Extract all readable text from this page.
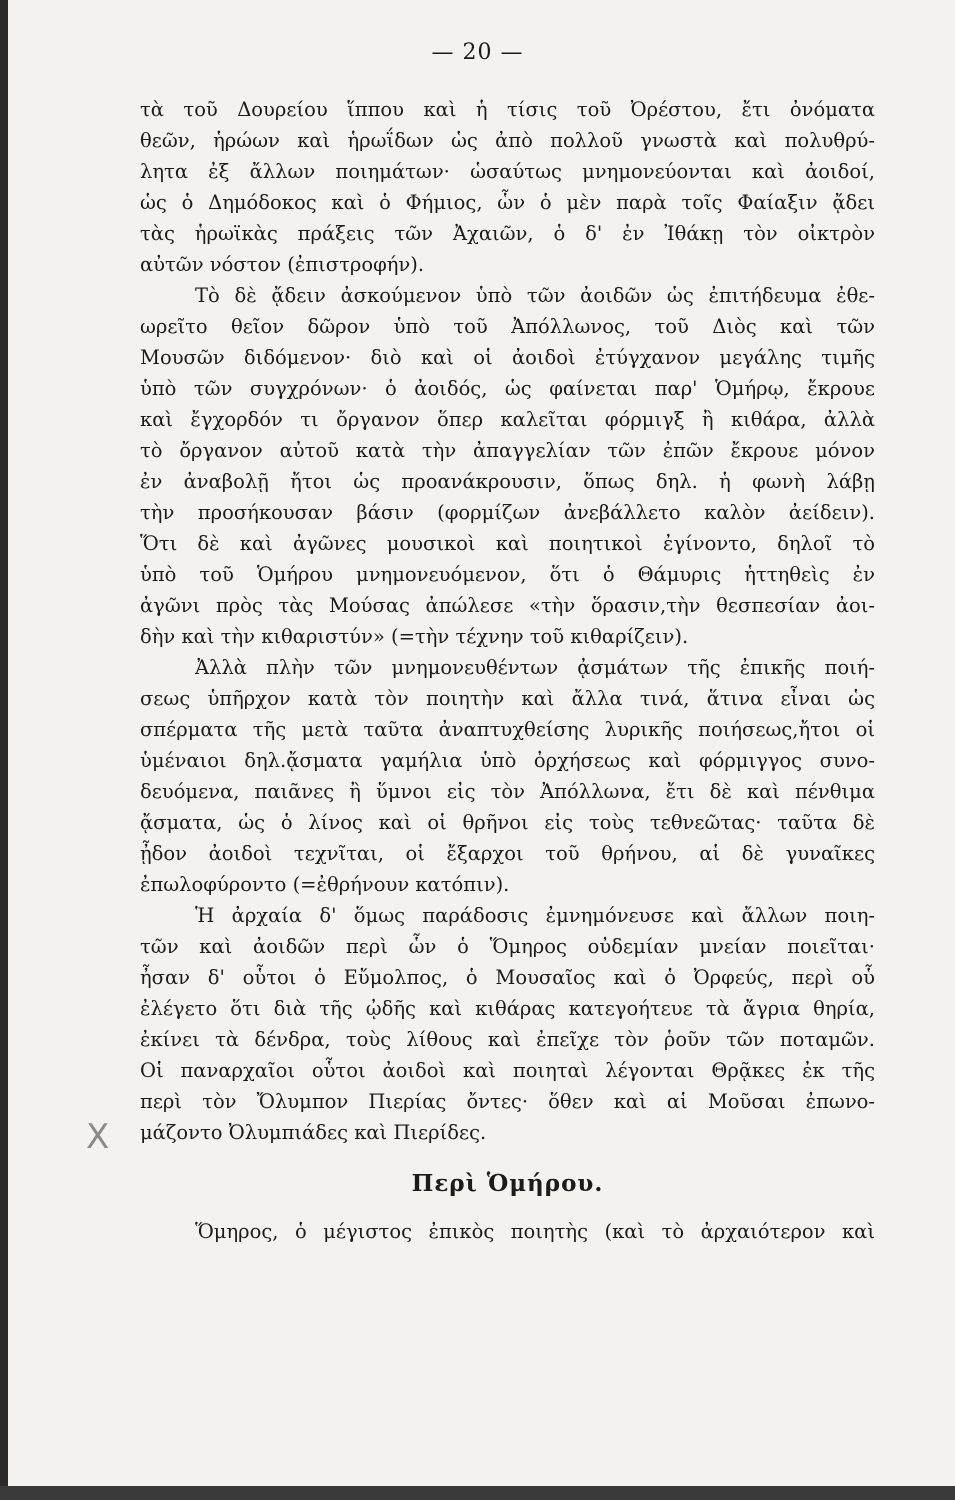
— 20 —
X
τὰ τοῦ Δουρείου ἵππου καὶ ἡ τίσις τοῦ Ὀρέστου, ἔτι ὀνόματα
θεῶν, ἡρώων καὶ ἡρωΐδων ὡς ἀπὸ πολλοῦ γνωστὰ καὶ πολυθρύ-
λητα ἐξ ἄλλων ποιημάτων· ὡσαύτως μνημονεύονται καὶ ἀοιδοί,
ὡς ὁ Δημόδοκος καὶ ὁ Φήμιος, ὧν ὁ μὲν παρὰ τοῖς Φαίαξιν ᾄδει
τὰς ἡρωϊκὰς πράξεις τῶν Ἀχαιῶν, ὁ δ' ἐν Ἰθάκῃ τὸν οἰκτρὸν
αὐτῶν νόστον (ἐπιστροφήν).
Τὸ δὲ ᾄδειν ἀσκούμενον ὑπὸ τῶν ἀοιδῶν ὡς ἐπιτήδευμα ἐθε-
ωρεῖτο θεῖον δῶρον ὑπὸ τοῦ Ἀπόλλωνος, τοῦ Διὸς καὶ τῶν
Μουσῶν διδόμενον· διὸ καὶ οἱ ἀοιδοὶ ἐτύγχανον μεγάλης τιμῆς
ὑπὸ τῶν συγχρόνων· ὁ ἀοιδός, ὡς φαίνεται παρ' Ὁμήρῳ, ἔκρουε
καὶ ἔγχορδόν τι ὄργανον ὅπερ καλεῖται φόρμιγξ ἢ κιθάρα, ἀλλὰ
τὸ ὄργανον αὐτοῦ κατὰ τὴν ἀπαγγελίαν τῶν ἐπῶν ἔκρουε μόνον
ἐν ἀναβολῇ ἤτοι ὡς προανάκρουσιν, ὅπως δηλ. ἡ φωνὴ λάβῃ
τὴν προσήκουσαν βάσιν (φορμίζων ἀνεβάλλετο καλὸν ἀείδειν).
Ὅτι δὲ καὶ ἀγῶνες μουσικοὶ καὶ ποιητικοὶ ἐγίνοντο, δηλοῖ τὸ
ὑπὸ τοῦ Ὁμήρου μνημονευόμενον, ὅτι ὁ Θάμυρις ἡττηθεὶς ἐν
ἀγῶνι πρὸς τὰς Μούσας ἀπώλεσε «τὴν ὅρασιν,τὴν θεσπεσίαν ἀοι-
δὴν καὶ τὴν κιθαριστύν» (=τὴν τέχνην τοῦ κιθαρίζειν).
Ἀλλὰ πλὴν τῶν μνημονευθέντων ᾀσμάτων τῆς ἐπικῆς ποιή-
σεως ὑπῆρχον κατὰ τὸν ποιητὴν καὶ ἄλλα τινά, ἅτινα εἶναι ὡς
σπέρματα τῆς μετὰ ταῦτα ἀναπτυχθείσης λυρικῆς ποιήσεως,ἤτοι οἱ
ὑμέναιοι δηλ.ᾄσματα γαμήλια ὑπὸ ὀρχήσεως καὶ φόρμιγγος συνο-
δευόμενα, παιᾶνες ἢ ὕμνοι εἰς τὸν Ἀπόλλωνα, ἔτι δὲ καὶ πένθιμα
ᾄσματα, ὡς ὁ λίνος καὶ οἱ θρῆνοι εἰς τοὺς τεθνεῶτας· ταῦτα δὲ
ᾖδον ἀοιδοὶ τεχνῖται, οἱ ἔξαρχοι τοῦ θρήνου, αἱ δὲ γυναῖκες
ἐπωλοφύροντο (=ἐθρήνουν κατόπιν).
Ἡ ἀρχαία δ' ὅμως παράδοσις ἐμνημόνευσε καὶ ἄλλων ποιη-
τῶν καὶ ἀοιδῶν περὶ ὧν ὁ Ὅμηρος οὐδεμίαν μνείαν ποιεῖται·
ἦσαν δ' οὗτοι ὁ Εὔμολπος, ὁ Μουσαῖος καὶ ὁ Ὀρφεύς, περὶ οὗ
ἐλέγετο ὅτι διὰ τῆς ᾠδῆς καὶ κιθάρας κατεγοήτευε τὰ ἄγρια θηρία,
ἐκίνει τὰ δένδρα, τοὺς λίθους καὶ ἐπεῖχε τὸν ῥοῦν τῶν ποταμῶν.
Οἱ παναρχαῖοι οὗτοι ἀοιδοὶ καὶ ποιηταὶ λέγονται Θρᾷκες ἐκ τῆς
περὶ τὸν Ὄλυμπον Πιερίας ὄντες· ὅθεν καὶ αἱ Μοῦσαι ἐπωνο-
μάζοντο Ὀλυμπιάδες καὶ Πιερίδες.
Περὶ Ὁμήρου.
Ὅμηρος, ὁ μέγιστος ἐπικὸς ποιητὴς (καὶ τὸ ἀρχαιότερον καὶ
